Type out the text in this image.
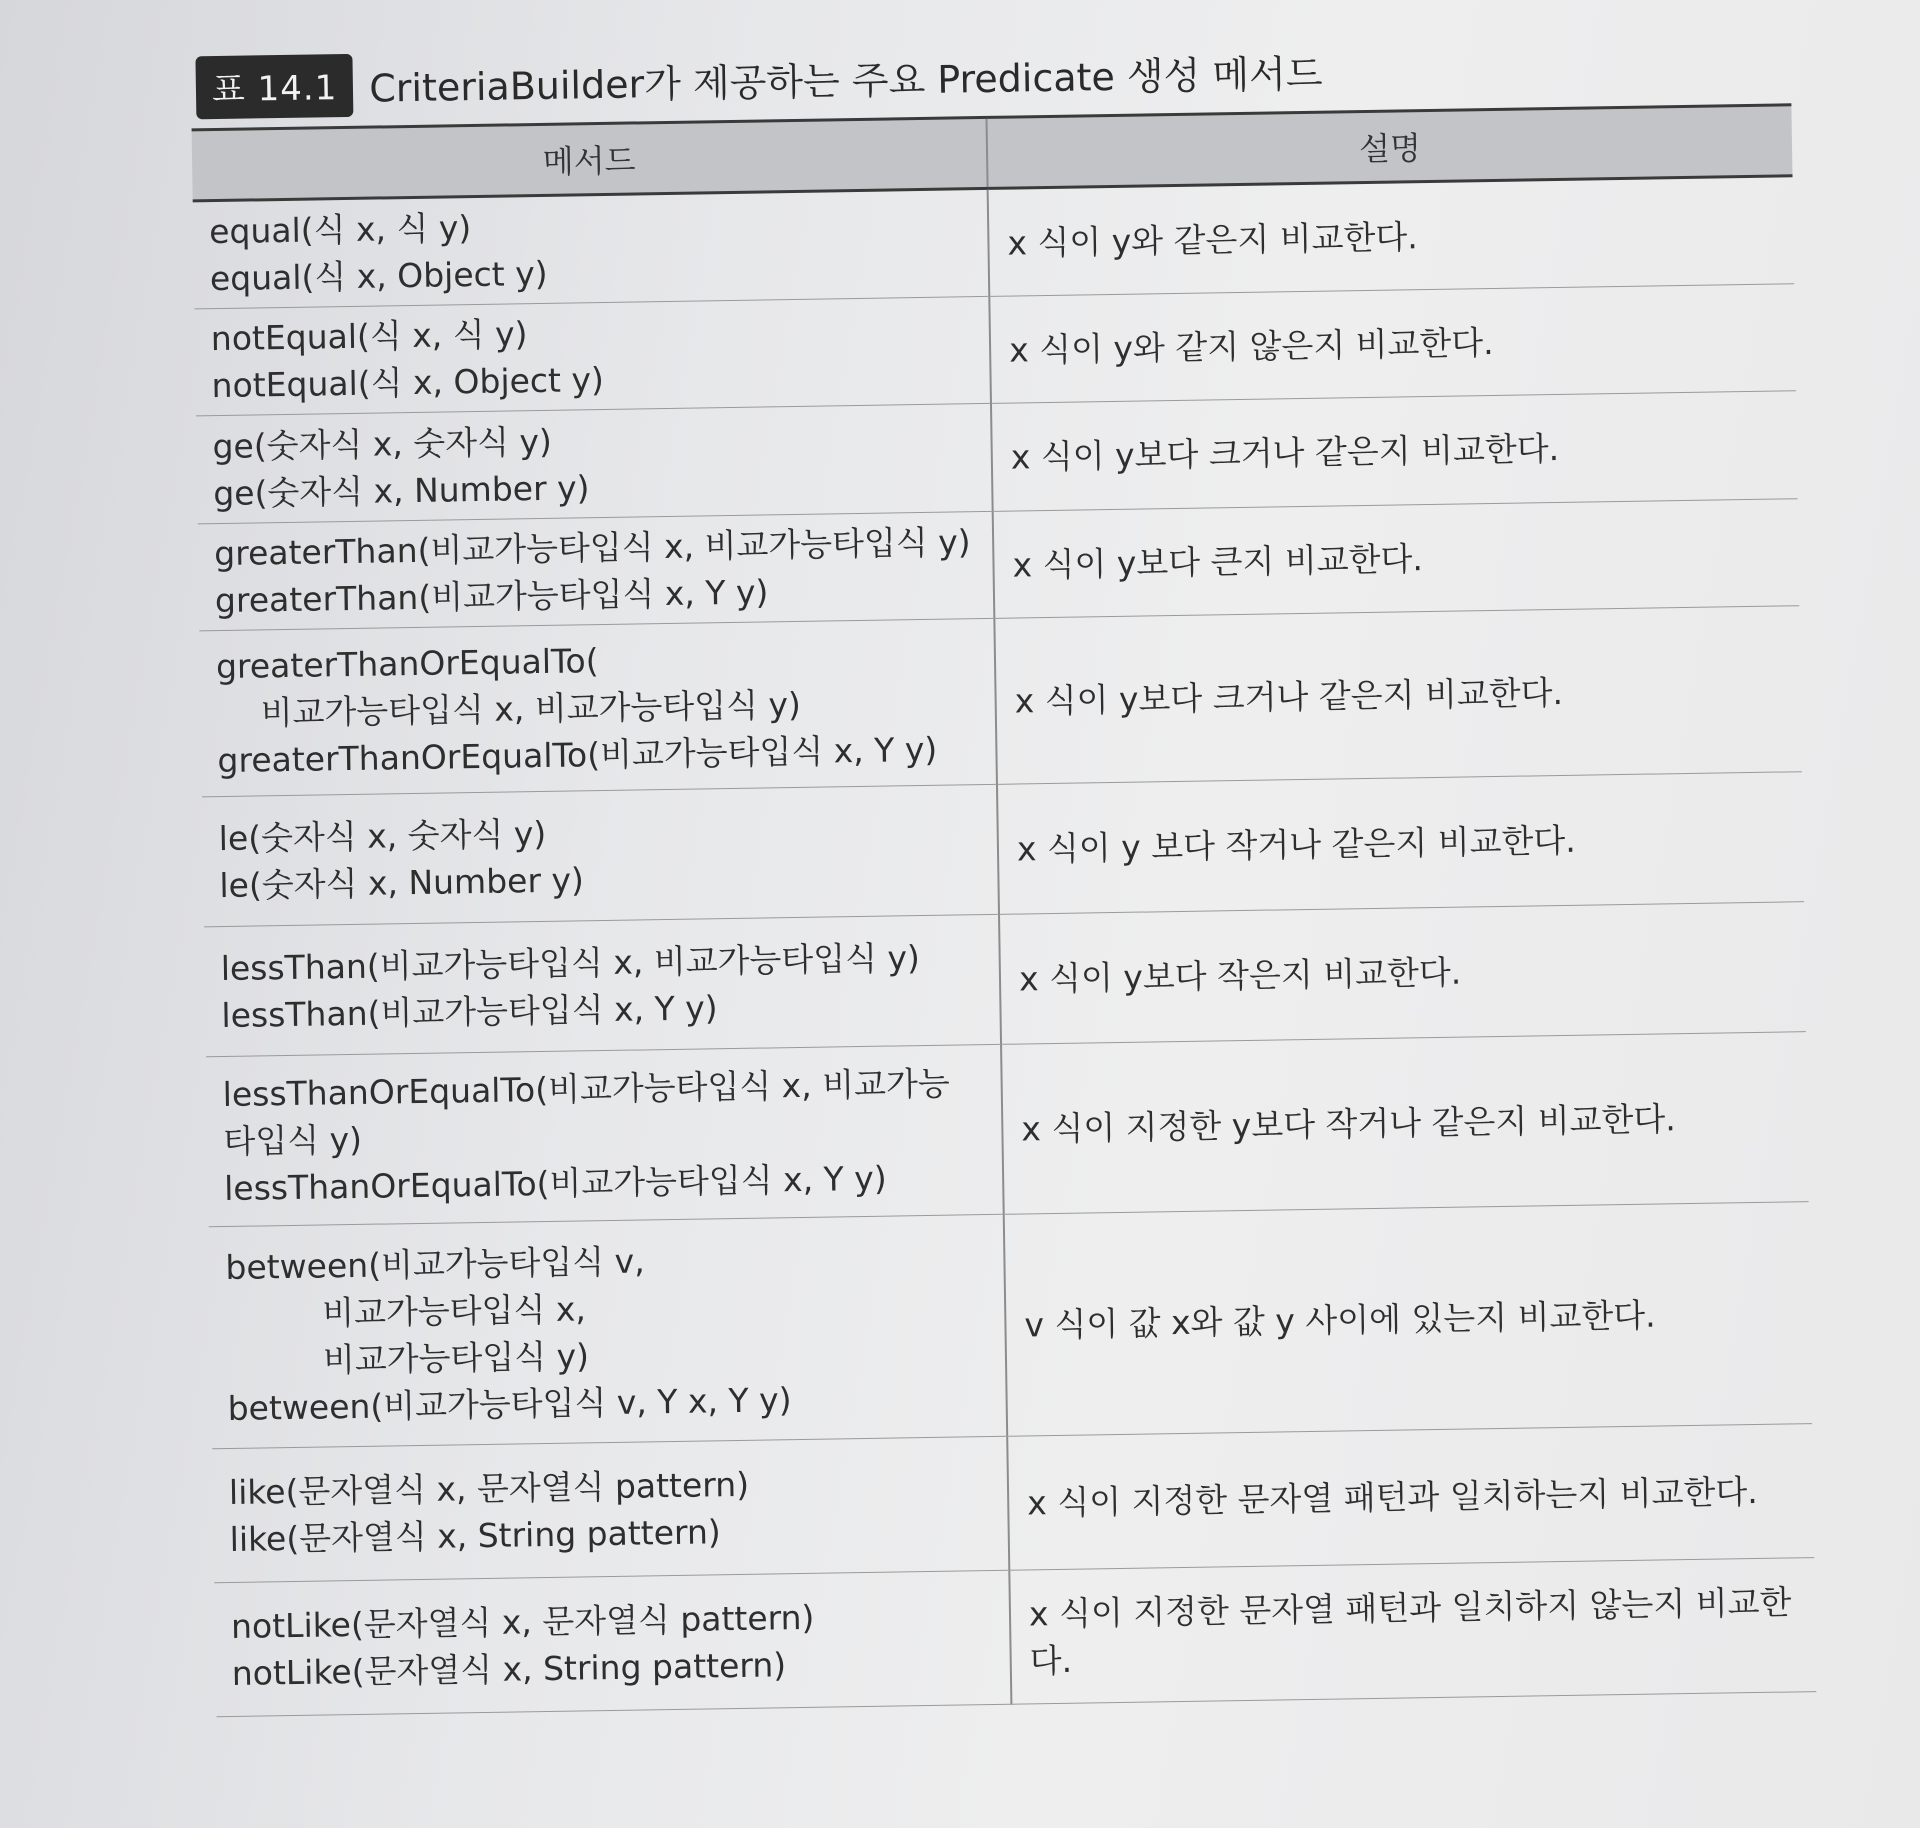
표 14.1 CriteriaBuilder가 제공하는 주요 Predicate 생성 메서드
메서드	설명

equal(식 x, 식 y)
equal(식 x, Object y)	x 식이 y와 같은지 비교한다.

notEqual(식 x, 식 y)
notEqual(식 x, Object y)	x 식이 y와 같지 않은지 비교한다.

ge(숫자식 x, 숫자식 y)
ge(숫자식 x, Number y)	x 식이 y보다 크거나 같은지 비교한다.

greaterThan(비교가능타입식 x, 비교가능타입식 y)
greaterThan(비교가능타입식 x, Y y)	x 식이 y보다 큰지 비교한다.

greaterThanOrEqualTo(
비교가능타입식 x, 비교가능타입식 y)
greaterThanOrEqualTo(비교가능타입식 x, Y y)	x 식이 y보다 크거나 같은지 비교한다.

le(숫자식 x, 숫자식 y)
le(숫자식 x, Number y)	x 식이 y 보다 작거나 같은지 비교한다.

lessThan(비교가능타입식 x, 비교가능타입식 y)
lessThan(비교가능타입식 x, Y y)	x 식이 y보다 작은지 비교한다.

lessThanOrEqualTo(비교가능타입식 x, 비교가능
타입식 y)
lessThanOrEqualTo(비교가능타입식 x, Y y)	x 식이 지정한 y보다 작거나 같은지 비교한다.

between(비교가능타입식 v,
비교가능타입식 x,
비교가능타입식 y)
between(비교가능타입식 v, Y x, Y y)	v 식이 값 x와 값 y 사이에 있는지 비교한다.

like(문자열식 x, 문자열식 pattern)
like(문자열식 x, String pattern)	x 식이 지정한 문자열 패턴과 일치하는지 비교한다.

notLike(문자열식 x, 문자열식 pattern)
notLike(문자열식 x, String pattern)	x 식이 지정한 문자열 패턴과 일치하지 않는지 비교한다.
